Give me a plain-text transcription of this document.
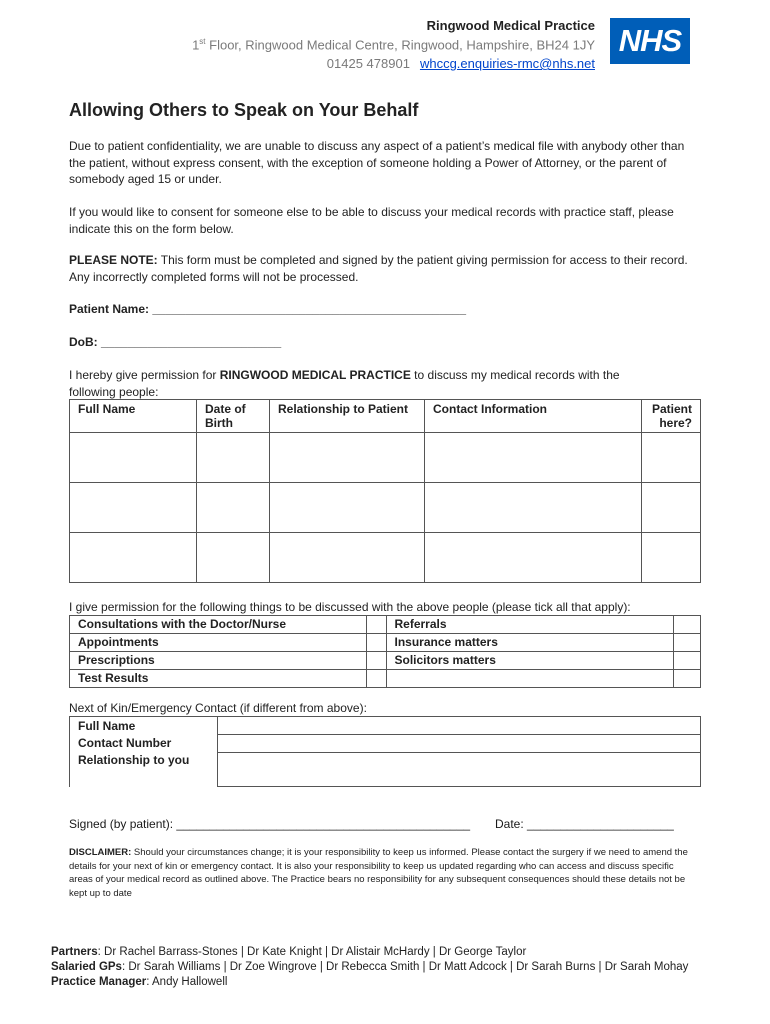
Ringwood Medical Practice
1st Floor, Ringwood Medical Centre, Ringwood, Hampshire, BH24 1JY
01425 478901 whccg.enquiries-rmc@nhs.net
NHS
Allowing Others to Speak on Your Behalf
Due to patient confidentiality, we are unable to discuss any aspect of a patient’s medical file with anybody other than the patient, without express consent, with the exception of someone holding a Power of Attorney, or the parent of somebody aged 15 or under.
If you would like to consent for someone else to be able to discuss your medical records with practice staff, please indicate this on the form below.
PLEASE NOTE: This form must be completed and signed by the patient giving permission for access to their record. Any incorrectly completed forms will not be processed.
Patient Name: _______________________________________________
DoB: ___________________________
I hereby give permission for RINGWOOD MEDICAL PRACTICE to discuss my medical records with the following people:
Full Name	Date of Birth	Relationship to Patient	Contact Information	Patient here?

I give permission for the following things to be discussed with the above people (please tick all that apply):
Consultations with the Doctor/Nurse		Referrals	
Appointments		Insurance matters	
Prescriptions		Solicitors matters	
Test Results			
Next of Kin/Emergency Contact (if different from above):
Full Name
Contact Number
Relationship to you

Signed (by patient): ____________________________________________ Date: ______________________
DISCLAIMER: Should your circumstances change; it is your responsibility to keep us informed. Please contact the surgery if we need to amend the details for your next of kin or emergency contact. It is also your responsibility to keep us updated regarding who can access and discuss specific areas of your medical record as outlined above. The Practice bears no responsibility for any subsequent consequences should these details not be kept up to date
Partners: Dr Rachel Barrass-Stones | Dr Kate Knight | Dr Alistair McHardy | Dr George Taylor
Salaried GPs: Dr Sarah Williams | Dr Zoe Wingrove | Dr Rebecca Smith | Dr Matt Adcock | Dr Sarah Burns | Dr Sarah Mohay
Practice Manager: Andy Hallowell
